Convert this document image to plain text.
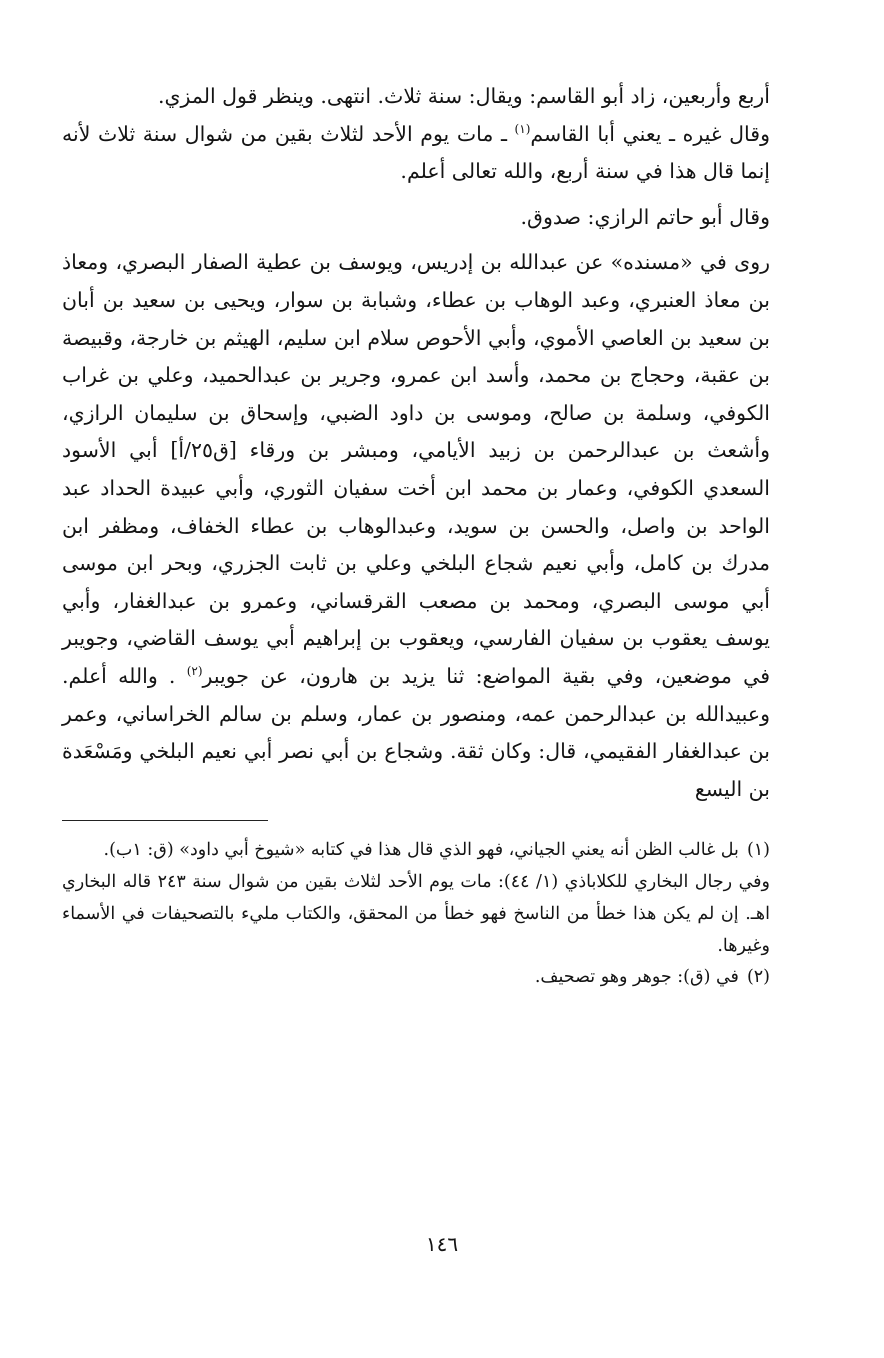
أربع وأربعين، زاد أبو القاسم: ويقال: سنة ثلاث. انتهى. وينظر قول المزي.

وقال غيره ـ يعني أبا القاسم$^{(١)}$ ـ مات يوم الأحد لثلاث بقين من شوال سنة ثلاث لأنه إنما قال هذا في سنة أربع، والله تعالى أعلم.

وقال أبو حاتم الرازي: صدوق.

روى في «مسنده» عن عبدالله بن إدريس، ويوسف بن عطية الصفار البصري، ومعاذ بن معاذ العنبري، وعبد الوهاب بن عطاء، وشبابة بن سوار، ويحيى بن سعيد بن أبان بن سعيد بن العاصي الأموي، وأبي الأحوص سلام ابن سليم، الهيثم بن خارجة، وقبيصة بن عقبة، وحجاج بن محمد، وأسد ابن عمرو، وجرير بن عبدالحميد، وعلي بن غراب الكوفي، وسلمة بن صالح، وموسى بن داود الضبي، وإسحاق بن سليمان الرازي، وأشعث بن عبدالرحمن بن زبيد الأيامي، ومبشر بن ورقاء [ق٢٥/أ] أبي الأسود السعدي الكوفي، وعمار بن محمد ابن أخت سفيان الثوري، وأبي عبيدة الحداد عبد الواحد بن واصل، والحسن بن سويد، وعبدالوهاب بن عطاء الخفاف، ومظفر ابن مدرك بن كامل، وأبي نعيم شجاع البلخي وعلي بن ثابت الجزري، وبحر ابن موسى أبي موسى البصري، ومحمد بن مصعب القرقساني، وعمرو بن عبدالغفار، وأبي يوسف يعقوب بن سفيان الفارسي، ويعقوب بن إبراهيم أبي يوسف القاضي، وجويبر في موضعين، وفي بقية المواضع: ثنا يزيد بن هارون، عن جويبر$^{(٢)}$ . والله أعلم. وعبيدالله بن عبدالرحمن عمه، ومنصور بن عمار، وسلم بن سالم الخراساني، وعمر بن عبدالغفار الفقيمي، قال: وكان ثقة. وشجاع بن أبي نصر أبي نعيم البلخي ومَسْعَدة بن اليسع

(١)بل غالب الظن أنه يعني الجياني، فهو الذي قال هذا في كتابه «شيوخ أبي داود» (ق: ١ب).

وفي رجال البخاري للكلاباذي (١/ ٤٤): مات يوم الأحد لثلاث بقين من شوال سنة ٢٤٣ قاله البخاري اهـ. إن لم يكن هذا خطأ من الناسخ فهو خطأ من المحقق، والكتاب مليء بالتصحيفات في الأسماء وغيرها.

(٢)في (ق): جوهر وهو تصحيف.

١٤٦
